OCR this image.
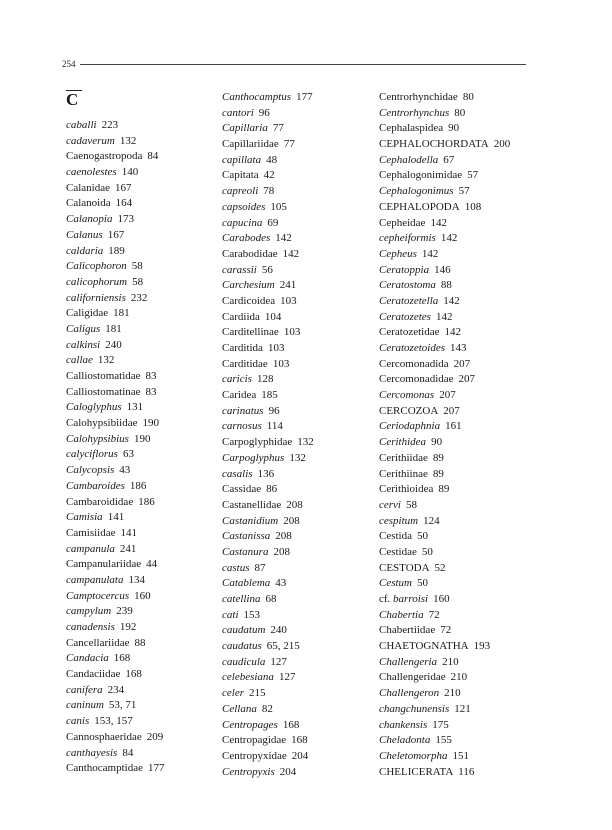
254
C
caballi 223
cadaverum 132
Caenogastropoda 84
caenolestes 140
Calanidae 167
Calanoida 164
Calanopia 173
Calanus 167
caldaria 189
Calicophoron 58
calicophorum 58
californiensis 232
Caligidae 181
Caligus 181
calkinsi 240
callae 132
Calliostomatidae 83
Calliostomatinae 83
Caloglyphus 131
Calohypsibiidae 190
Calohypsibius 190
calyciflorus 63
Calycopsis 43
Cambaroides 186
Cambaroididae 186
Camisia 141
Camisiidae 141
campanula 241
Campanulariidae 44
campanulata 134
Camptocercus 160
campylum 239
canadensis 192
Cancellariidae 88
Candacia 168
Candaciidae 168
canifera 234
caninum 53, 71
canis 153, 157
Cannosphaeridae 209
canthayesis 84
Canthocamptidae 177
Canthocamptus 177
cantori 96
Capillaria 77
Capillariidae 77
capillata 48
Capitata 42
capreoli 78
capsoides 105
capucina 69
Carabodes 142
Carabodidae 142
carassii 56
Carchesium 241
Cardicoidea 103
Cardiida 104
Carditellinae 103
Carditida 103
Carditidae 103
caricis 128
Caridea 185
carinatus 96
carnosus 114
Carpoglyphidae 132
Carpoglyphus 132
casalis 136
Cassidae 86
Castanellidae 208
Castanidium 208
Castanissa 208
Castanura 208
castus 87
Catablema 43
catellina 68
cati 153
caudatum 240
caudatus 65, 215
caudicula 127
celebesiana 127
celer 215
Cellana 82
Centropages 168
Centropagidae 168
Centropyxidae 204
Centropyxis 204
Centrorhynchidae 80
Centrorhynchus 80
Cephalaspidea 90
CEPHALOCHORDATA 200
Cephalodella 67
Cephalogonimidae 57
Cephalogonimus 57
CEPHALOPODA 108
Cepheidae 142
cepheiformis 142
Cepheus 142
Ceratoppia 146
Ceratostoma 88
Ceratozetella 142
Ceratozetes 142
Ceratozetidae 142
Ceratozetoides 143
Cercomonadida 207
Cercomonadidae 207
Cercomonas 207
CERCOZOA 207
Ceriodaphnia 161
Cerithidea 90
Cerithiidae 89
Cerithiinae 89
Cerithioidea 89
cervi 58
cespitum 124
Cestida 50
Cestidae 50
CESTODA 52
Cestum 50
cf. barroisi 160
Chabertia 72
Chabertiidae 72
CHAETOGNATHA 193
Challengeria 210
Challengeridae 210
Challengeron 210
changchunensis 121
chankensis 175
Cheladonta 155
Cheletomorpha 151
CHELICERATA 116
